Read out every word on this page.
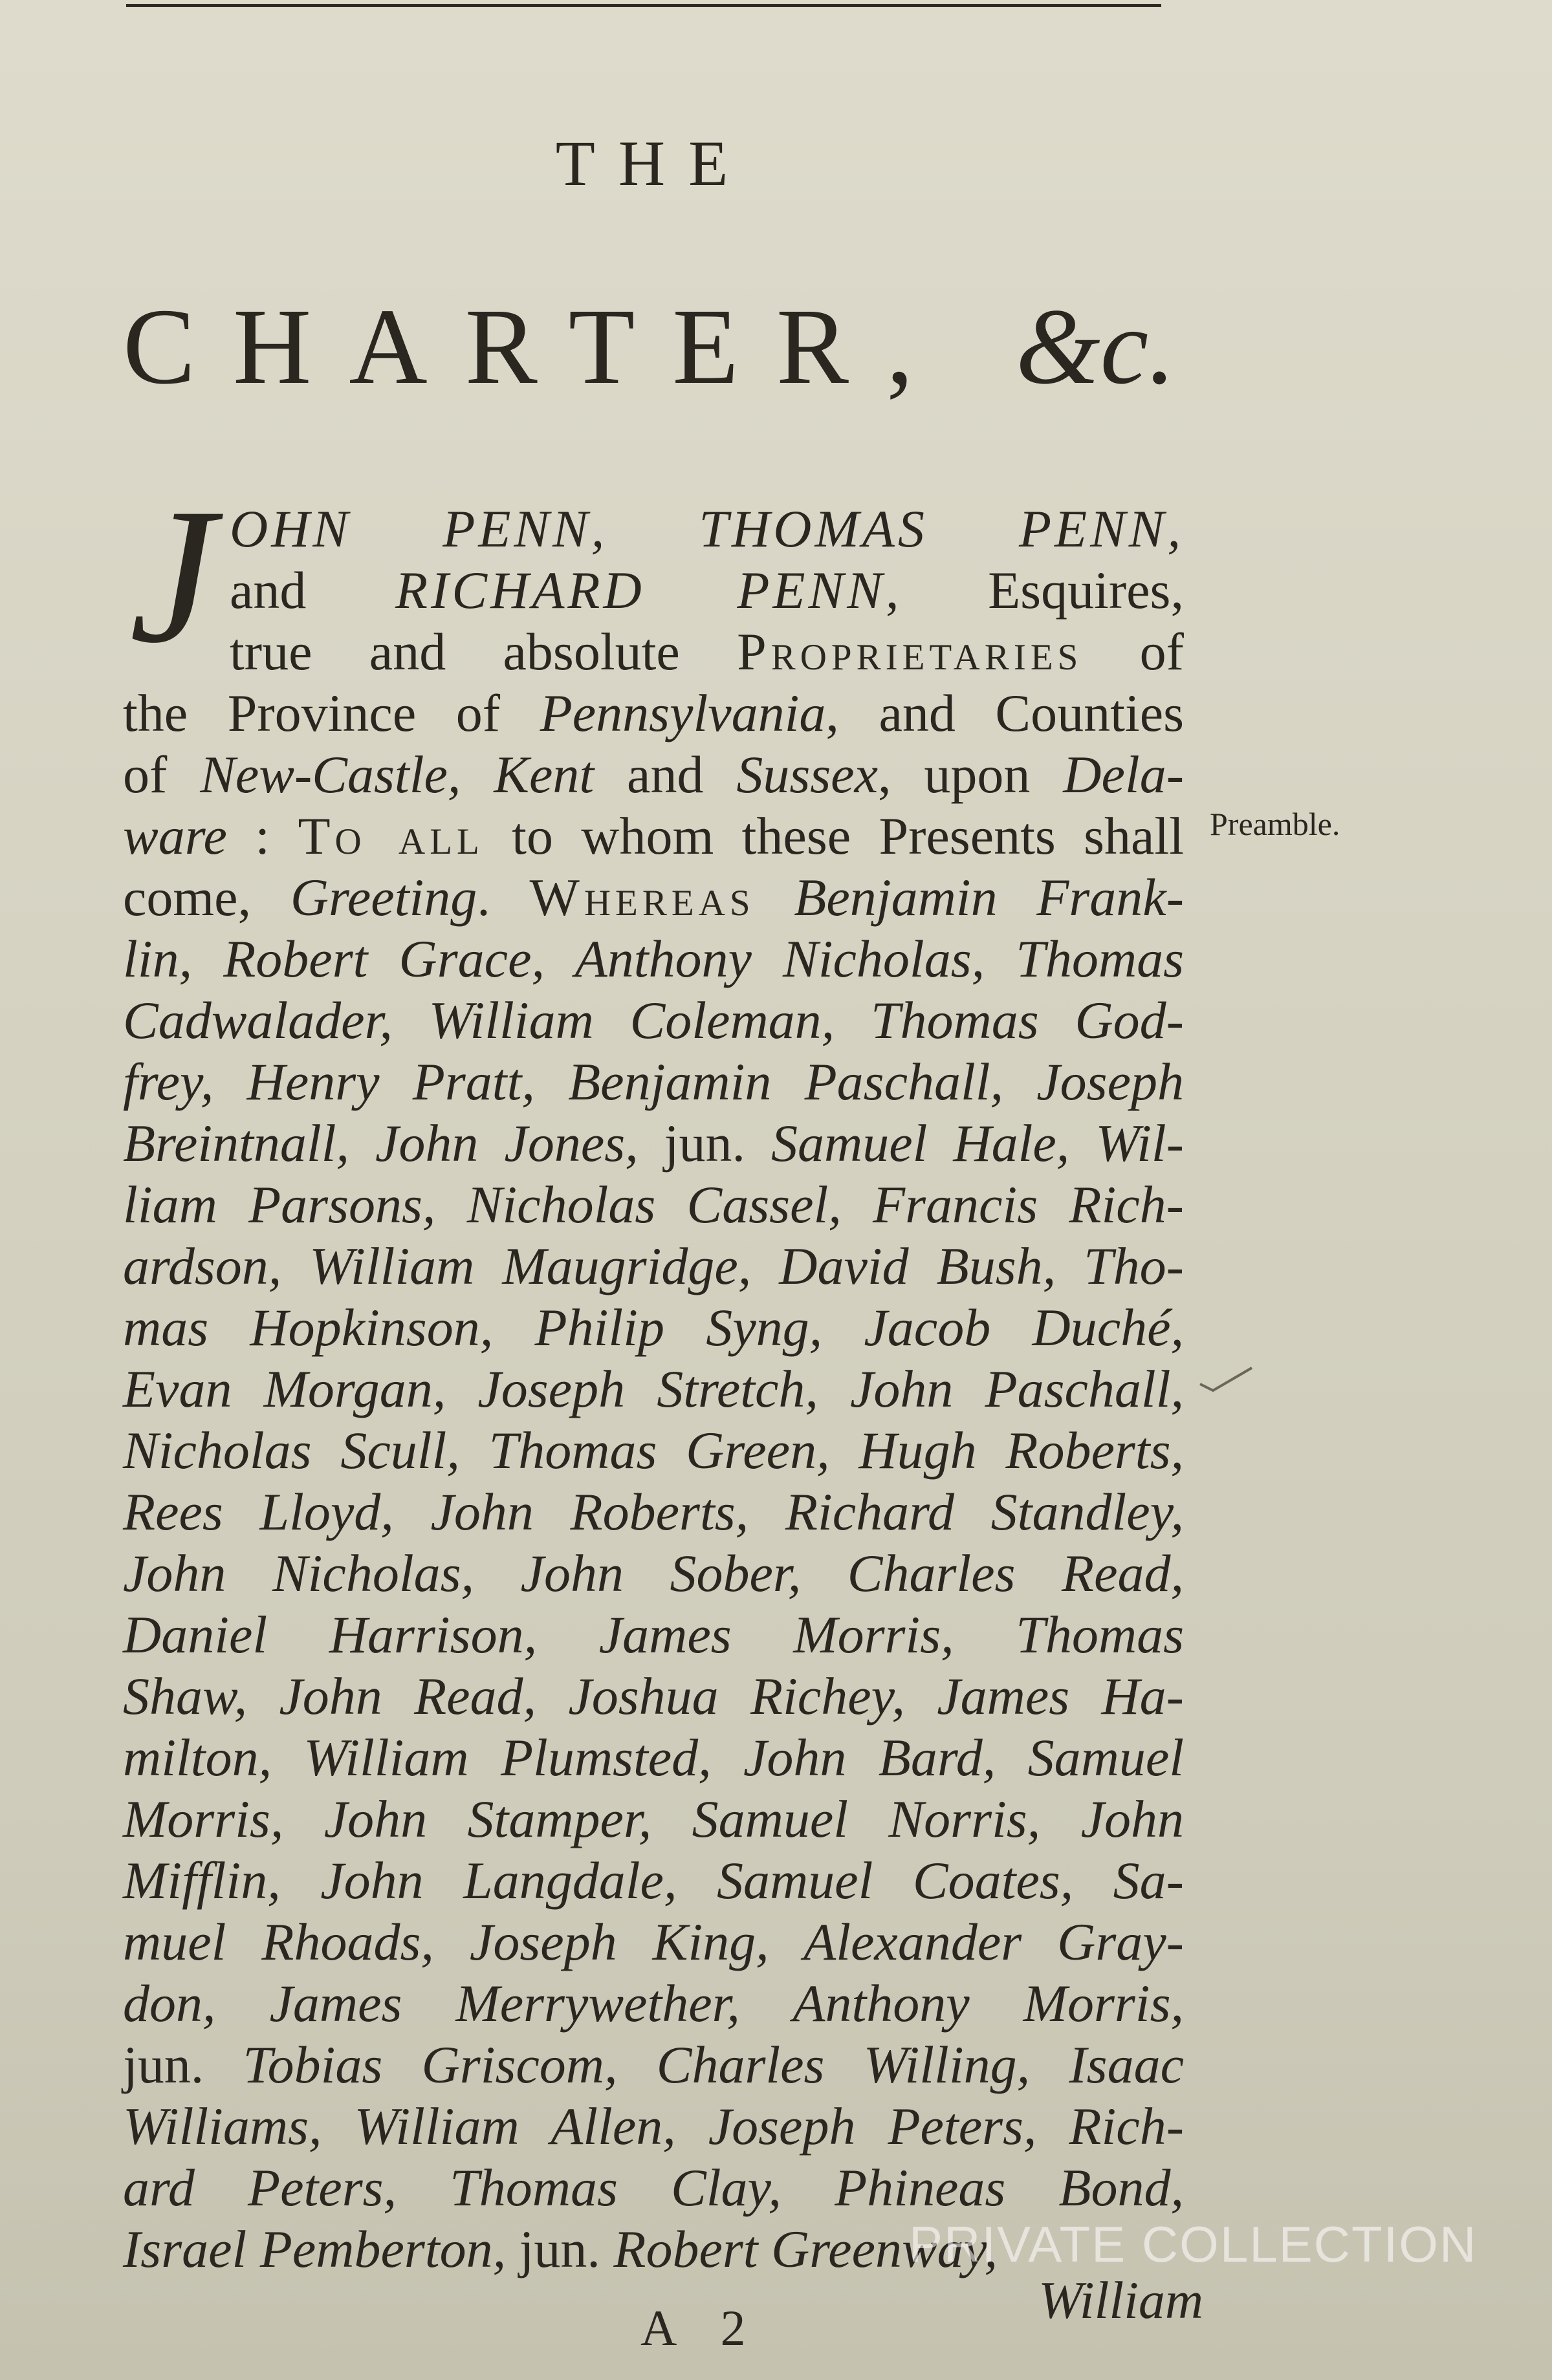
THE
CHARTER, &c.
J OHN PENN, THOMAS PENN,
and RICHARD PENN, Esquires,
true and absolute Proprietaries of
the Province of Pennsylvania, and Counties
of New-Castle, Kent and Sussex, upon Dela-
ware : To all to whom these Presents shall
come, Greeting. Whereas Benjamin Frank-
lin, Robert Grace, Anthony Nicholas, Thomas
Cadwalader, William Coleman, Thomas God-
frey, Henry Pratt, Benjamin Paschall, Joseph
Breintnall, John Jones, jun. Samuel Hale, Wil-
liam Parsons, Nicholas Cassel, Francis Rich-
ardson, William Maugridge, David Bush, Tho-
mas Hopkinson, Philip Syng, Jacob Duché,
Evan Morgan, Joseph Stretch, John Paschall,
Nicholas Scull, Thomas Green, Hugh Roberts,
Rees Lloyd, John Roberts, Richard Standley,
John Nicholas, John Sober, Charles Read,
Daniel Harrison, James Morris, Thomas
Shaw, John Read, Joshua Richey, James Ha-
milton, William Plumsted, John Bard, Samuel
Morris, John Stamper, Samuel Norris, John
Mifflin, John Langdale, Samuel Coates, Sa-
muel Rhoads, Joseph King, Alexander Gray-
don, James Merrywether, Anthony Morris,
jun. Tobias Griscom, Charles Willing, Isaac
Williams, William Allen, Joseph Peters, Rich-
ard Peters, Thomas Clay, Phineas Bond,
Israel Pemberton, jun. Robert Greenway,
Preamble.
PRIVATE COLLECTION
A 2	William
